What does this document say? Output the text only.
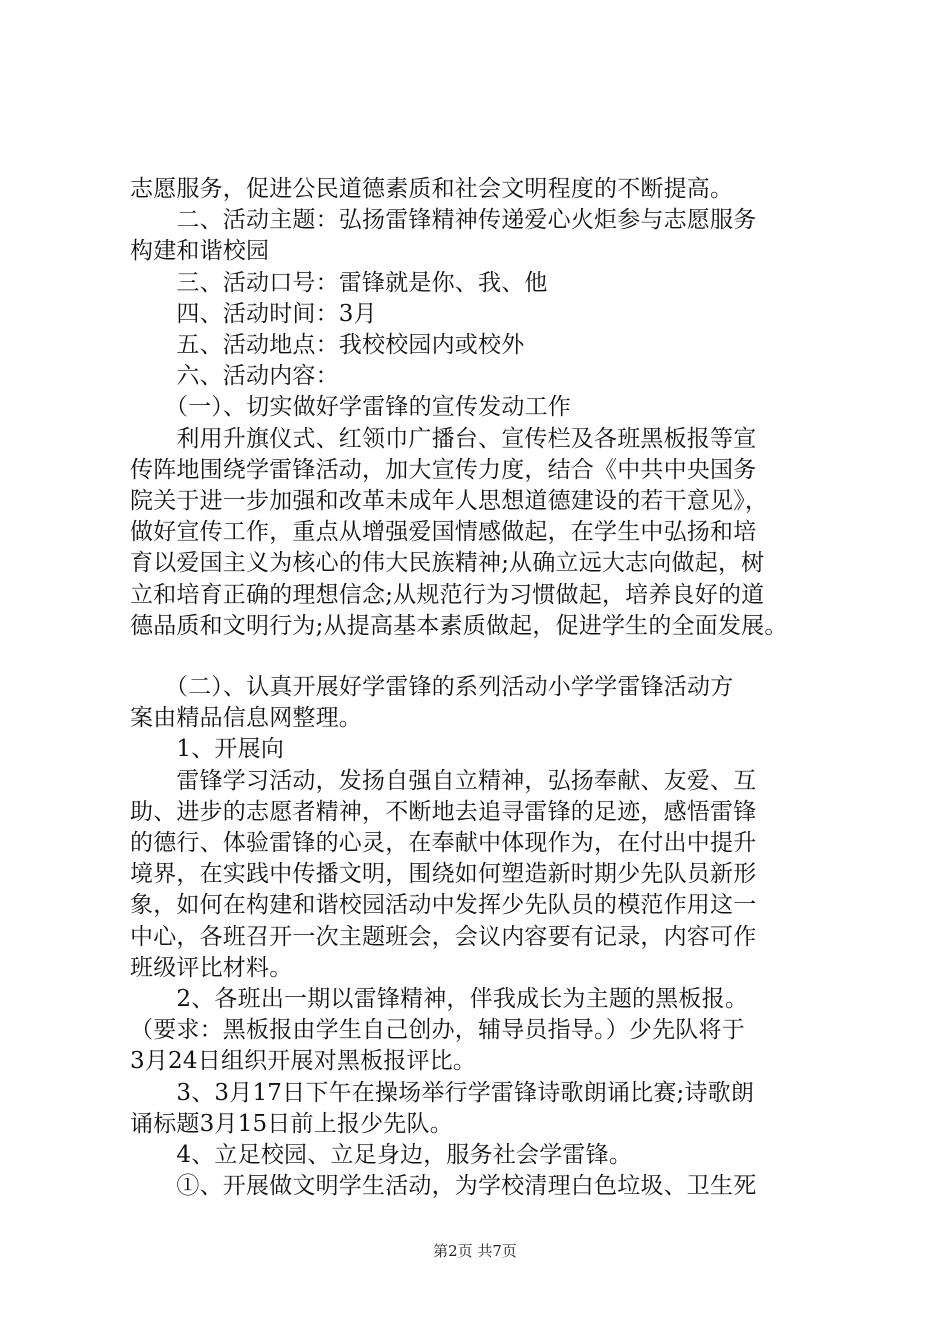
志愿服务，促进公民道德素质和社会文明程度的不断提高。
　　二、活动主题：弘扬雷锋精神传递爱心火炬参与志愿服务
构建和谐校园
　　三、活动口号：雷锋就是你、我、他
　　四、活动时间：3月
　　五、活动地点：我校校园内或校外
　　六、活动内容：
　　（一）、切实做好学雷锋的宣传发动工作
　　利用升旗仪式、红领巾广播台、宣传栏及各班黑板报等宣
传阵地围绕学雷锋活动，加大宣传力度，结合《中共中央国务
院关于进一步加强和改革未成年人思想道德建设的若干意见》，
做好宣传工作，重点从增强爱国情感做起，在学生中弘扬和培
育以爱国主义为核心的伟大民族精神;从确立远大志向做起，树
立和培育正确的理想信念;从规范行为习惯做起，培养良好的道
德品质和文明行为;从提高基本素质做起，促进学生的全面发展。
　　（二）、认真开展好学雷锋的系列活动小学学雷锋活动方
案由精品信息网整理。
　　1、开展向
　　雷锋学习活动，发扬自强自立精神，弘扬奉献、友爱、互
助、进步的志愿者精神，不断地去追寻雷锋的足迹，感悟雷锋
的德行、体验雷锋的心灵，在奉献中体现作为，在付出中提升
境界，在实践中传播文明，围绕如何塑造新时期少先队员新形
象，如何在构建和谐校园活动中发挥少先队员的模范作用这一
中心，各班召开一次主题班会，会议内容要有记录，内容可作
班级评比材料。
　　2、各班出一期以雷锋精神，伴我成长为主题的黑板报。
（要求：黑板报由学生自己创办，辅导员指导。）少先队将于
3月24日组织开展对黑板报评比。
　　3、3月17日下午在操场举行学雷锋诗歌朗诵比赛;诗歌朗
诵标题3月15日前上报少先队。
　　4、立足校园、立足身边，服务社会学雷锋。
　　①、开展做文明学生活动，为学校清理白色垃圾、卫生死
第2页 共7页
